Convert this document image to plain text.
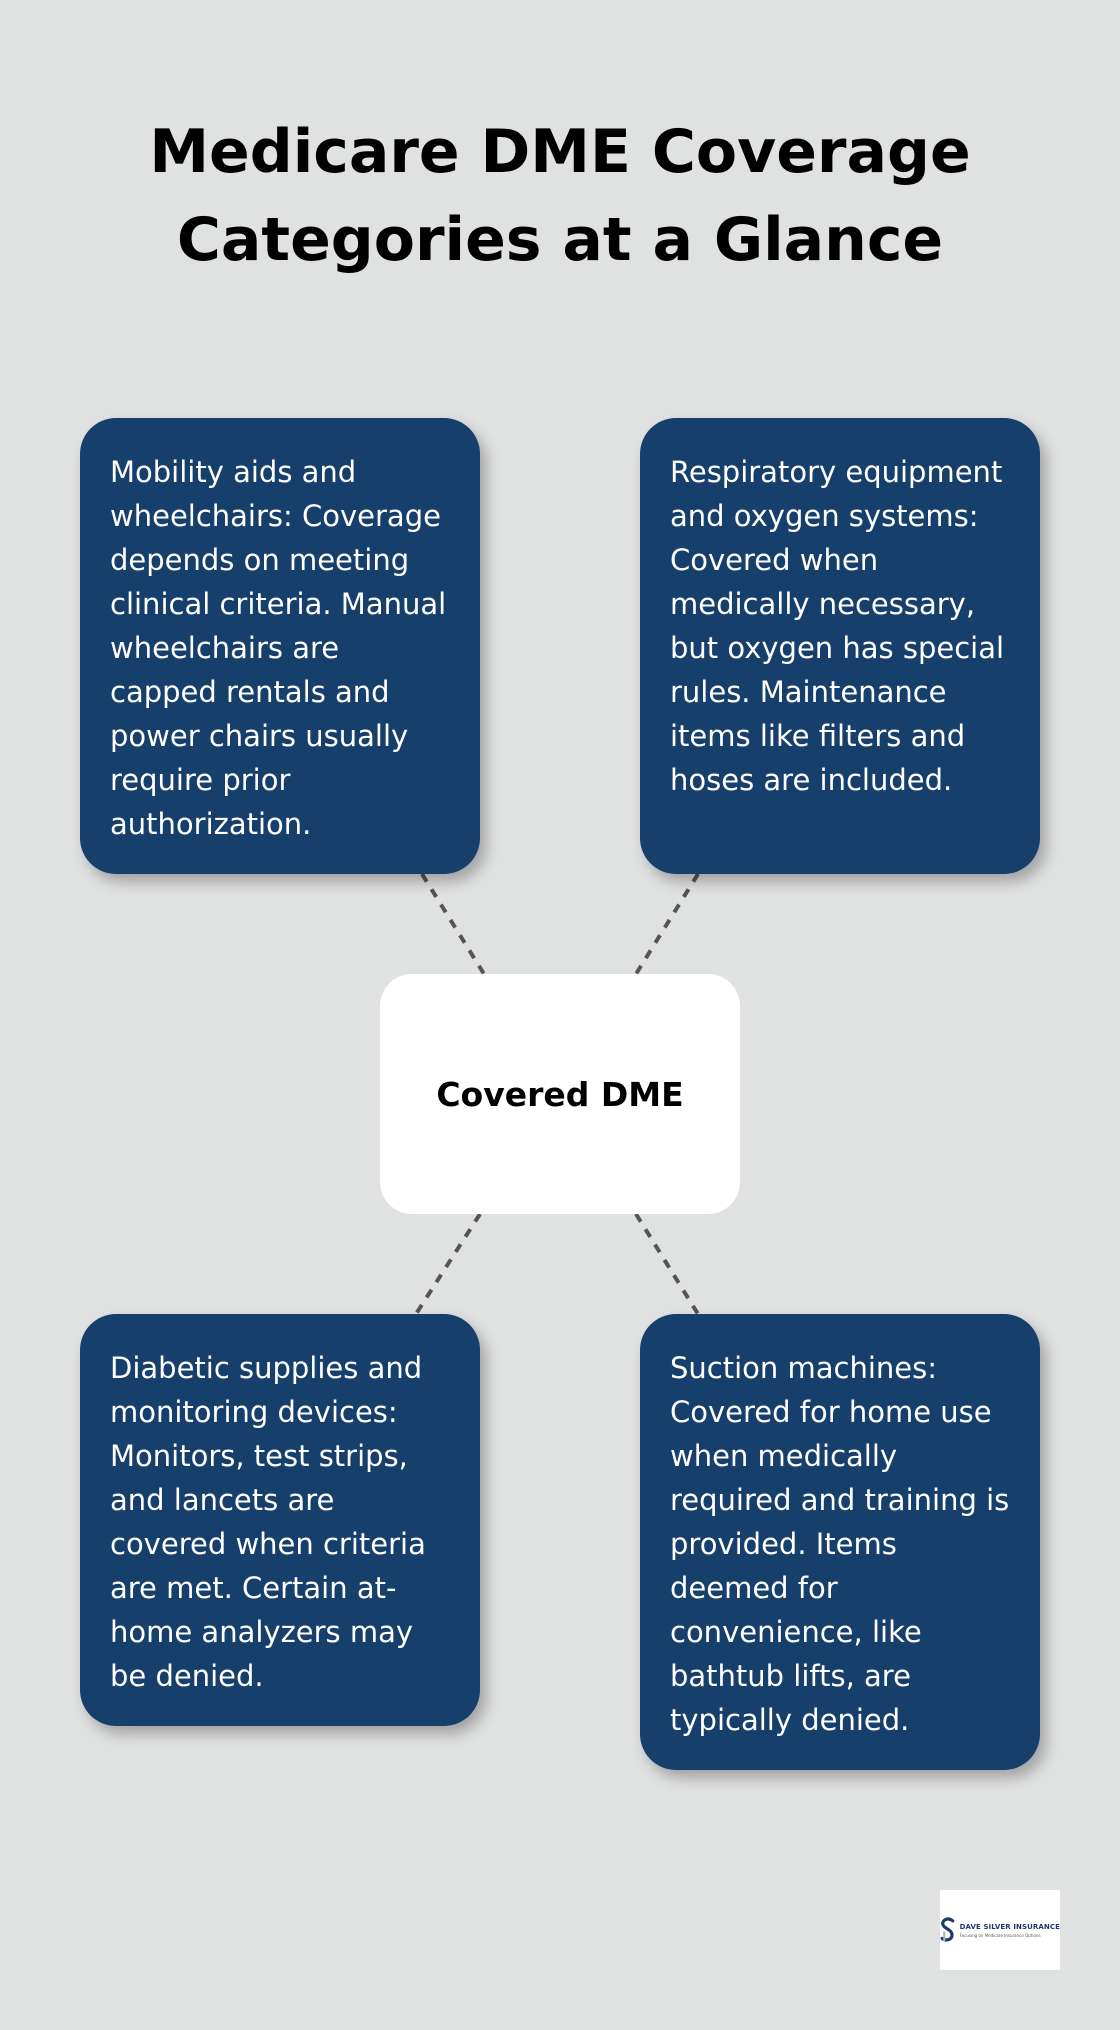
Medicare DME Coverage Categories at a Glance
Mobility aids and wheelchairs: Coverage depends on meeting clinical criteria. Manual wheelchairs are capped rentals and power chairs usually require prior authorization.
Respiratory equipment and oxygen systems: Covered when medically necessary, but oxygen has special rules. Maintenance items like filters and hoses are included.
Covered DME
Diabetic supplies and monitoring devices: Monitors, test strips, and lancets are covered when criteria are met. Certain at-home analyzers may be denied.
Suction machines: Covered for home use when medically required and training is provided. Items deemed for convenience, like bathtub lifts, are typically denied.
DAVE SILVER INSURANCE
Focusing on Medicare Insurance Options
